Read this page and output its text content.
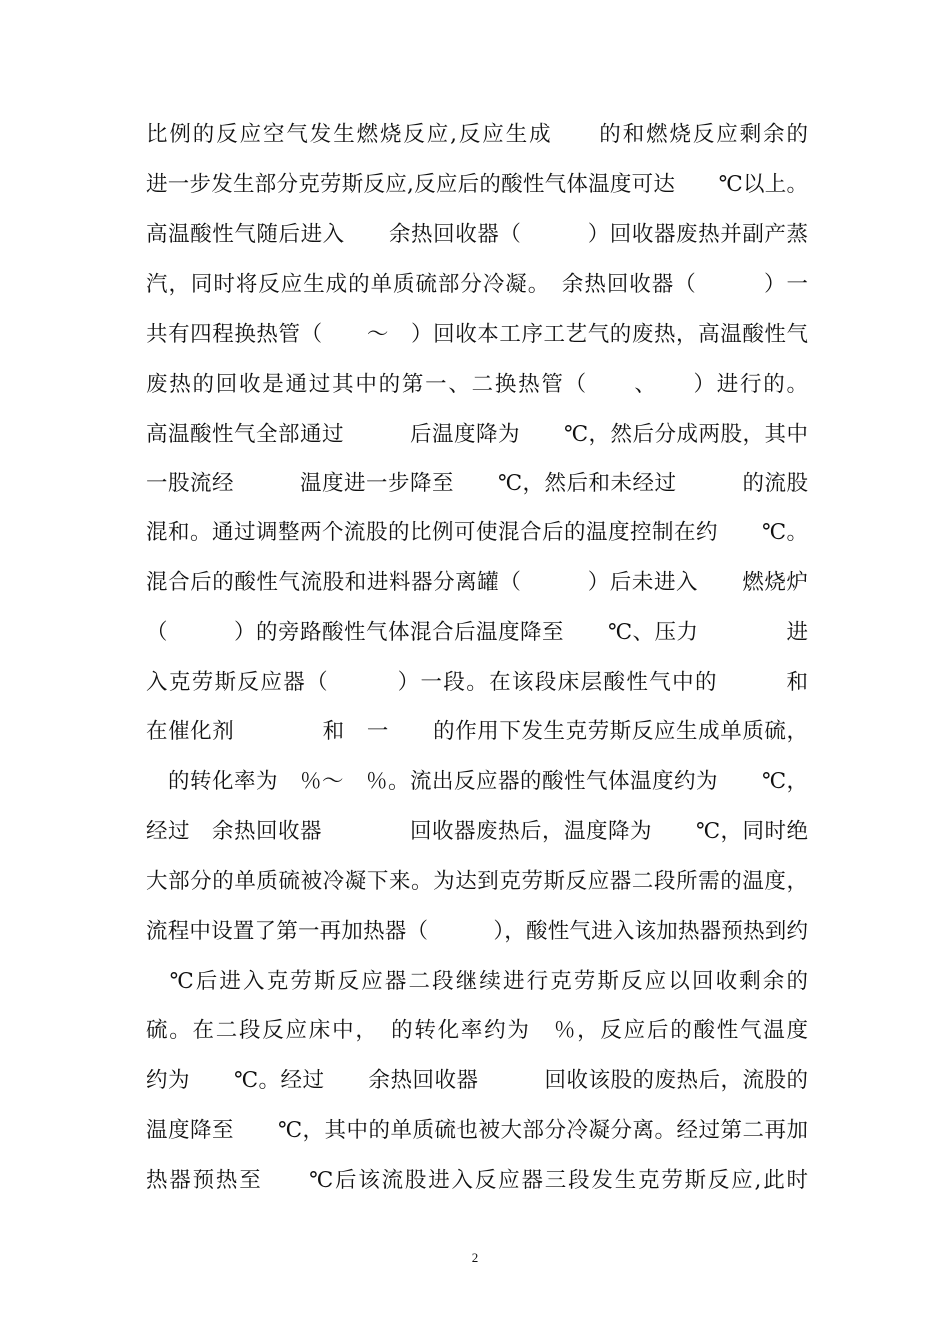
比例的反应空气发生燃烧反应,反应生成　　的和燃烧反应剩余的
进一步发生部分克劳斯反应,反应后的酸性气体温度可达　　℃以上。
高温酸性气随后进入　　余热回收器（　　　）回收器废热并副产蒸
汽，同时将反应生成的单质硫部分冷凝。　余热回收器（　　　）一
共有四程换热管（　　～　）回收本工序工艺气的废热，高温酸性气
废热的回收是通过其中的第一、二换热管（　　、　　）进行的。
高温酸性气全部通过　　　后温度降为　　℃，然后分成两股，其中
一股流经　　　温度进一步降至　　℃，然后和未经过　　　的流股
混和。通过调整两个流股的比例可使混合后的温度控制在约　　℃。
混合后的酸性气流股和进料器分离罐（　　　）后未进入　　燃烧炉
（　　　）的旁路酸性气体混合后温度降至　　℃、压力　　　　进
入克劳斯反应器（　　　）一段。在该段床层酸性气中的　　　和
在催化剂　　　　和　一　　的作用下发生克劳斯反应生成单质硫，
　的转化率为　％～　％。流出反应器的酸性气体温度约为　　℃，
经过　余热回收器　　　　回收器废热后，温度降为　　℃，同时绝
大部分的单质硫被冷凝下来。为达到克劳斯反应器二段所需的温度，
流程中设置了第一再加热器（　　　），酸性气进入该加热器预热到约
　℃后进入克劳斯反应器二段继续进行克劳斯反应以回收剩余的
硫。在二段反应床中，　的转化率约为　％，反应后的酸性气温度
约为　　℃。经过　　余热回收器　　　回收该股的废热后，流股的
温度降至　　℃，其中的单质硫也被大部分冷凝分离。经过第二再加
热器预热至　　℃后该流股进入反应器三段发生克劳斯反应,此时
2
